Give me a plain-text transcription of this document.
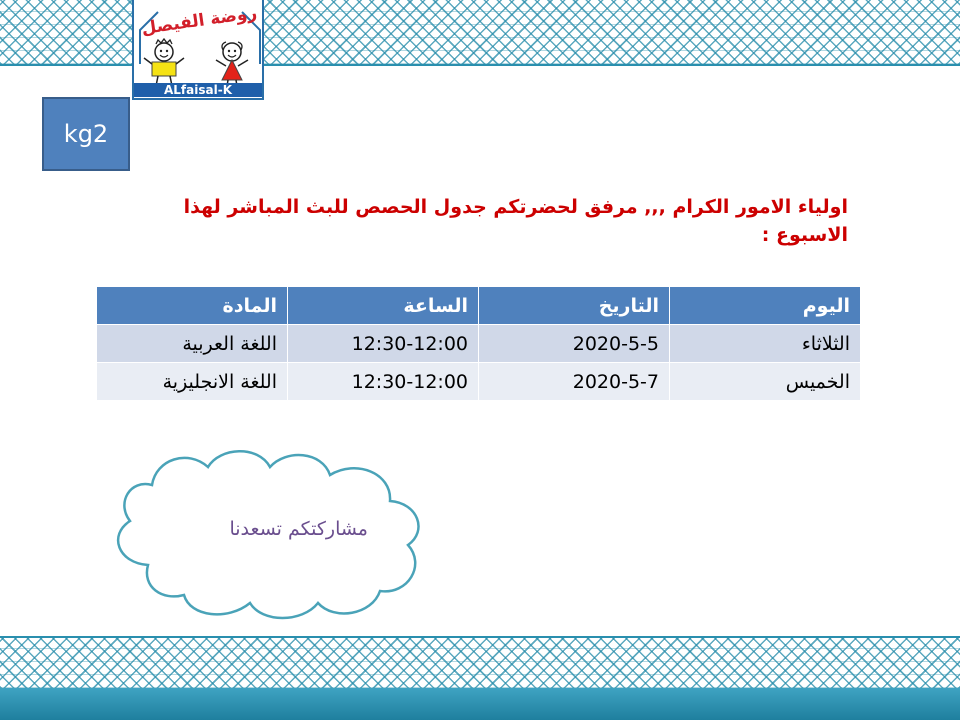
روضة الفيصل
ALfaisal-K
kg2
اولياء الامور الكرام ,,, مرفق لحضرتكم جدول الحصص للبث المباشر لهذا الاسبوع :
اليوم	التاريخ	الساعة	المادة
الثلاثاء	2020-5-5	12:30-12:00	اللغة العربية
الخميس	2020-5-7	12:30-12:00	اللغة الانجليزية
مشاركتكم تسعدنا
